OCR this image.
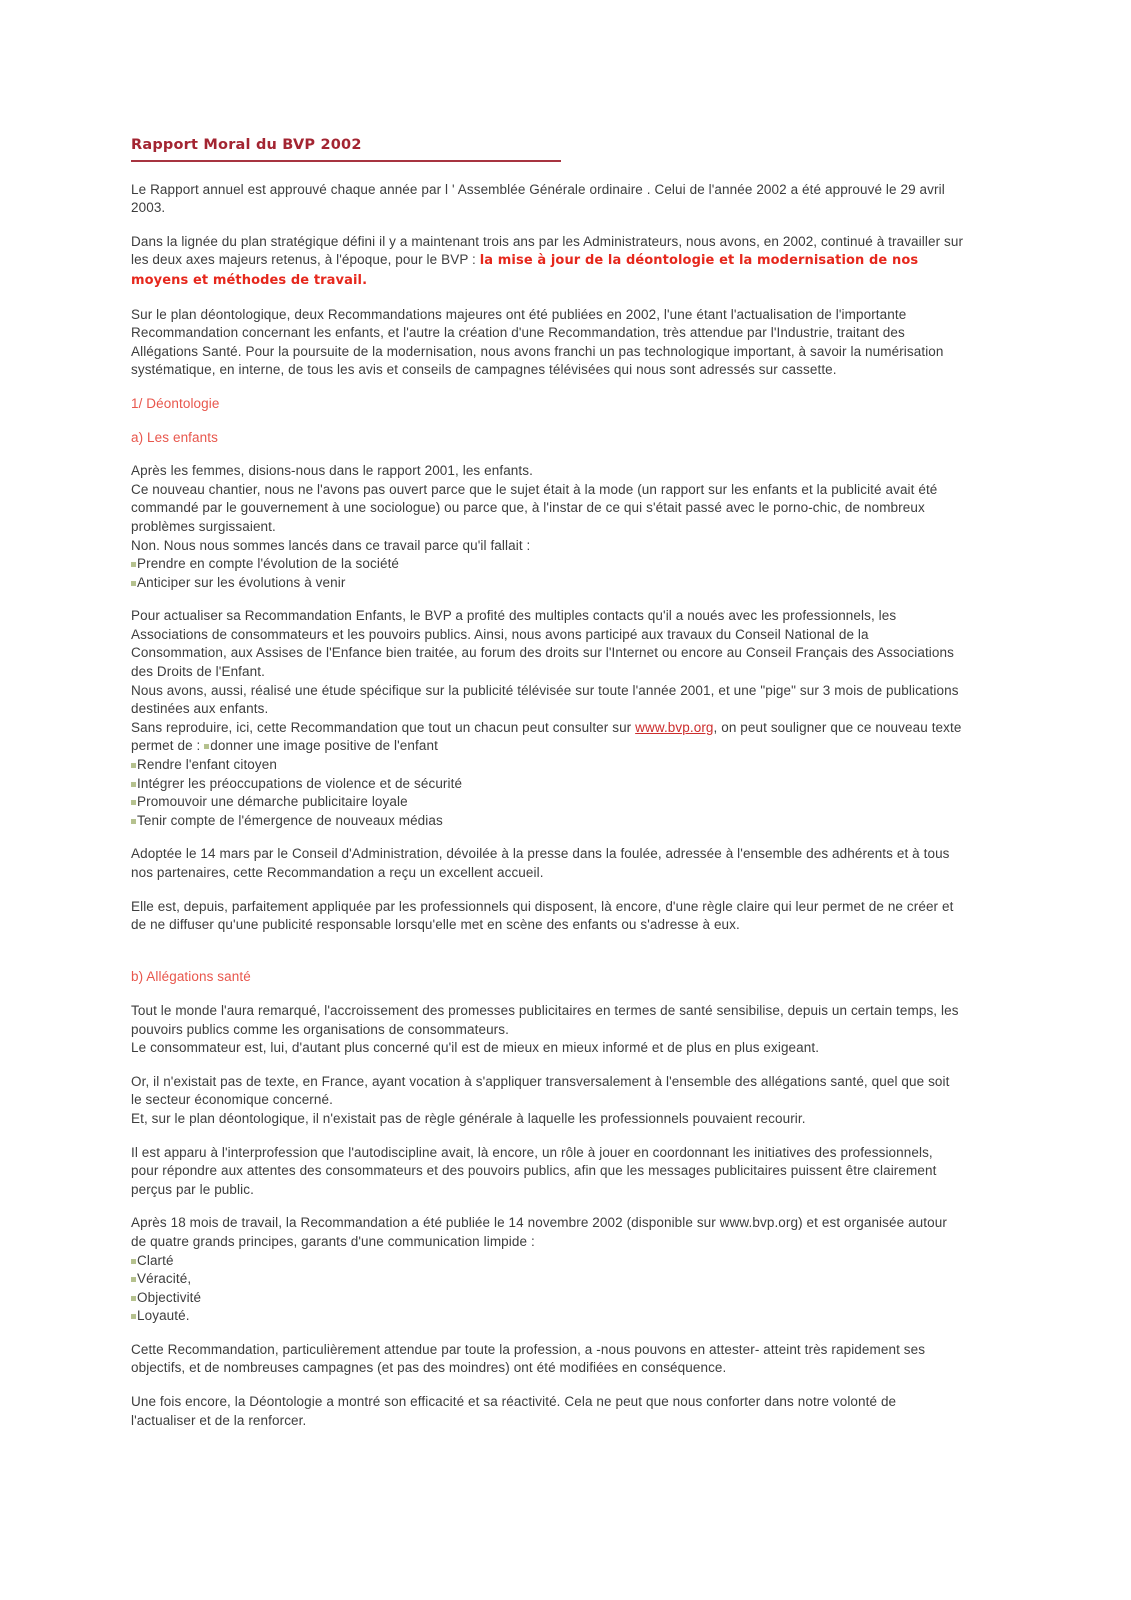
Rapport Moral du BVP 2002

Le Rapport annuel est approuvé chaque année par l ' Assemblée Générale ordinaire . Celui de l'année 2002 a été approuvé le 29 avril 2003.

Dans la lignée du plan stratégique défini il y a maintenant trois ans par les Administrateurs, nous avons, en 2002, continué à travailler sur les deux axes majeurs retenus, à l'époque, pour le BVP : la mise à jour de la déontologie et la modernisation de nos moyens et méthodes de travail.

Sur le plan déontologique, deux Recommandations majeures ont été publiées en 2002, l'une étant l'actualisation de l'importante Recommandation concernant les enfants, et l'autre la création d'une Recommandation, très attendue par l'Industrie, traitant des Allégations Santé. Pour la poursuite de la modernisation, nous avons franchi un pas technologique important, à savoir la numérisation systématique, en interne, de tous les avis et conseils de campagnes télévisées qui nous sont adressés sur cassette.

1/ Déontologie
a) Les enfants

Après les femmes, disions-nous dans le rapport 2001, les enfants.
Ce nouveau chantier, nous ne l'avons pas ouvert parce que le sujet était à la mode (un rapport sur les enfants et la publicité avait été commandé par le gouvernement à une sociologue) ou parce que, à l'instar de ce qui s'était passé avec le porno-chic, de nombreux problèmes surgissaient.
Non. Nous nous sommes lancés dans ce travail parce qu'il fallait :
Prendre en compte l'évolution de la société
Anticiper sur les évolutions à venir

Pour actualiser sa Recommandation Enfants, le BVP a profité des multiples contacts qu'il a noués avec les professionnels, les Associations de consommateurs et les pouvoirs publics. Ainsi, nous avons participé aux travaux du Conseil National de la Consommation, aux Assises de l'Enfance bien traitée, au forum des droits sur l'Internet ou encore au Conseil Français des Associations des Droits de l'Enfant.
Nous avons, aussi, réalisé une étude spécifique sur la publicité télévisée sur toute l'année 2001, et une "pige" sur 3 mois de publications destinées aux enfants.
Sans reproduire, ici, cette Recommandation que tout un chacun peut consulter sur www.bvp.org, on peut souligner que ce nouveau texte permet de : donner une image positive de l'enfant
Rendre l'enfant citoyen
Intégrer les préoccupations de violence et de sécurité
Promouvoir une démarche publicitaire loyale
Tenir compte de l'émergence de nouveaux médias

Adoptée le 14 mars par le Conseil d'Administration, dévoilée à la presse dans la foulée, adressée à l'ensemble des adhérents et à tous nos partenaires, cette Recommandation a reçu un excellent accueil.

Elle est, depuis, parfaitement appliquée par les professionnels qui disposent, là encore, d'une règle claire qui leur permet de ne créer et de ne diffuser qu'une publicité responsable lorsqu'elle met en scène des enfants ou s'adresse à eux.

b) Allégations santé

Tout le monde l'aura remarqué, l'accroissement des promesses publicitaires en termes de santé sensibilise, depuis un certain temps, les pouvoirs publics comme les organisations de consommateurs.
Le consommateur est, lui, d'autant plus concerné qu'il est de mieux en mieux informé et de plus en plus exigeant.

Or, il n'existait pas de texte, en France, ayant vocation à s'appliquer transversalement à l'ensemble des allégations santé, quel que soit le secteur économique concerné.
Et, sur le plan déontologique, il n'existait pas de règle générale à laquelle les professionnels pouvaient recourir.

Il est apparu à l'interprofession que l'autodiscipline avait, là encore, un rôle à jouer en coordonnant les initiatives des professionnels, pour répondre aux attentes des consommateurs et des pouvoirs publics, afin que les messages publicitaires puissent être clairement perçus par le public.

Après 18 mois de travail, la Recommandation a été publiée le 14 novembre 2002 (disponible sur www.bvp.org) et est organisée autour de quatre grands principes, garants d'une communication limpide :
Clarté
Véracité,
Objectivité
Loyauté.

Cette Recommandation, particulièrement attendue par toute la profession, a -nous pouvons en attester- atteint très rapidement ses objectifs, et de nombreuses campagnes (et pas des moindres) ont été modifiées en conséquence.

Une fois encore, la Déontologie a montré son efficacité et sa réactivité. Cela ne peut que nous conforter dans notre volonté de l'actualiser et de la renforcer.
